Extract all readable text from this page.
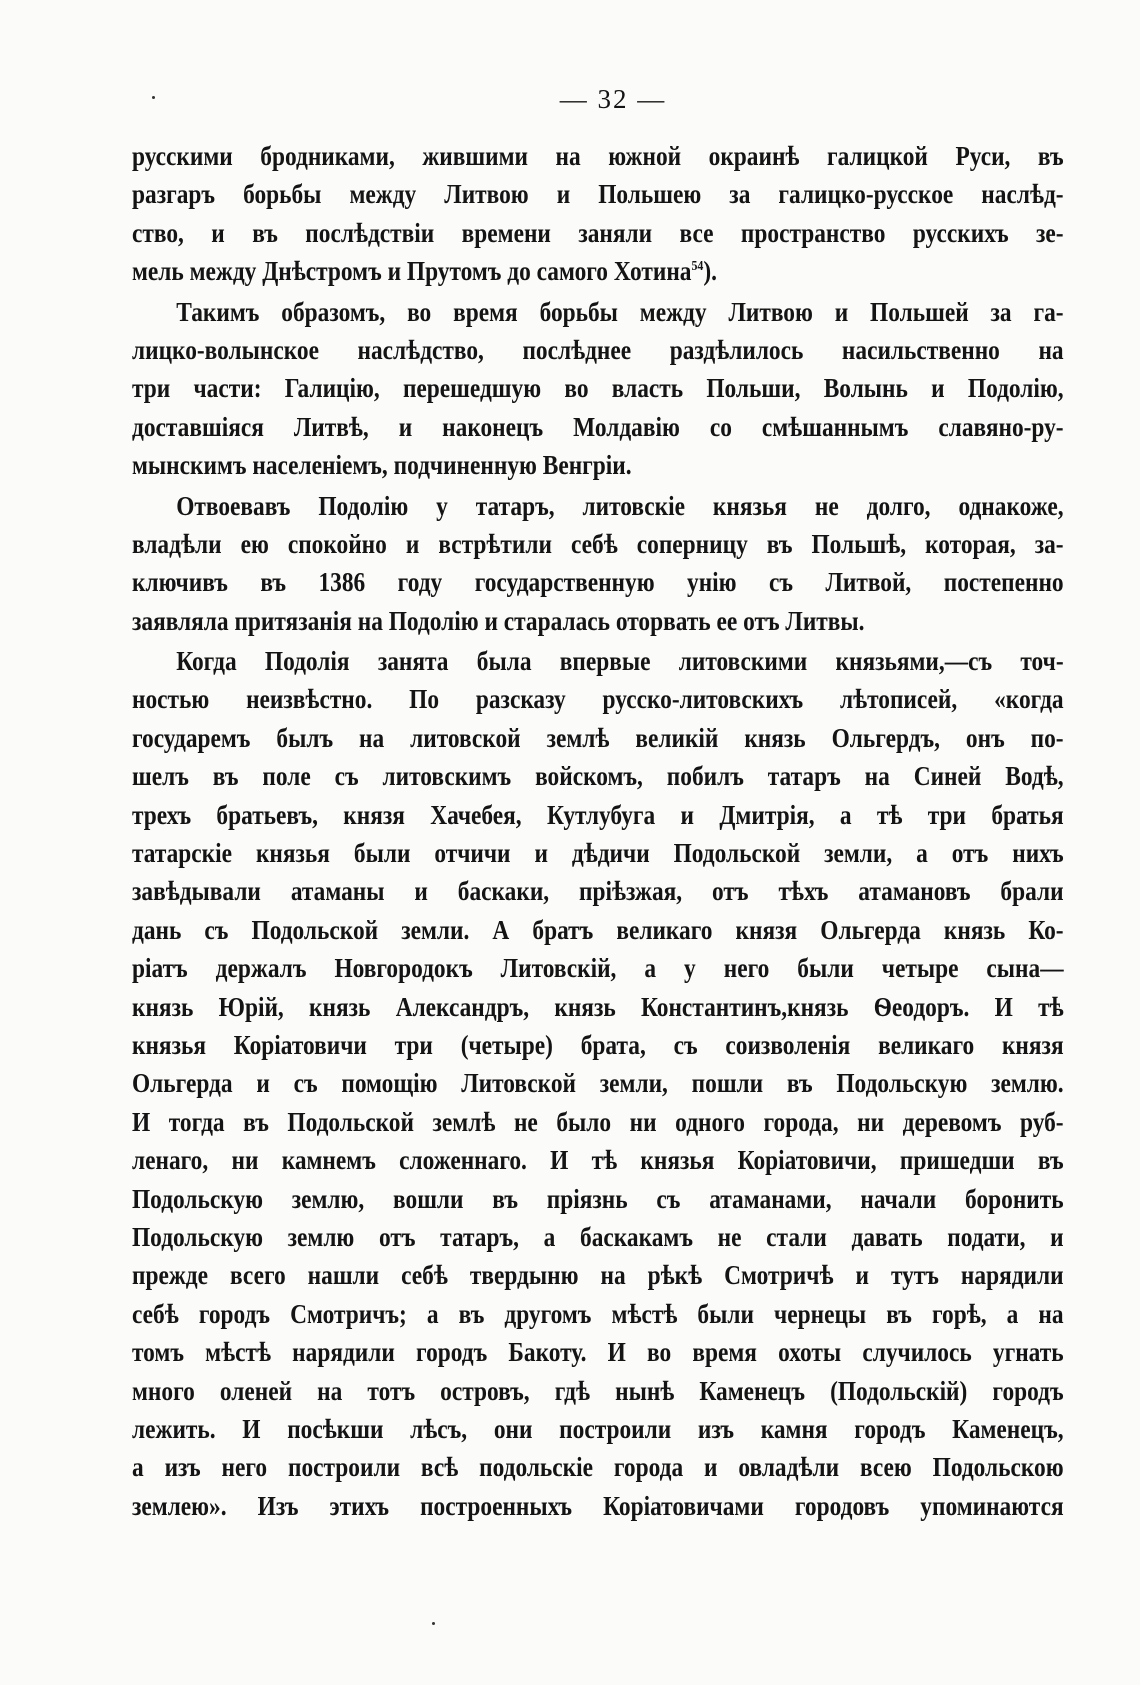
— 32 —
русскими бродниками, жившими на южной окраинѣ галицкой Руси, въ
разгаръ борьбы между Литвою и Польшею за галицко-русское наслѣд-
ство, и въ послѣдствіи времени заняли все пространство русскихъ зе-
мель между Днѣстромъ и Прутомъ до самого Хотина$^{54}$).
Такимъ образомъ, во время борьбы между Литвою и Польшей за га-
лицко-волынское наслѣдство, послѣднее раздѣлилось насильственно на
три части: Галицію, перешедшую во власть Польши, Волынь и Подолію,
доставшіяся Литвѣ, и наконецъ Молдавію со смѣшаннымъ славяно-ру-
мынскимъ населеніемъ, подчиненную Венгріи.
Отвоевавъ Подолію у татаръ, литовскіе князья не долго, однакоже,
владѣли ею спокойно и встрѣтили себѣ соперницу въ Польшѣ, которая, за-
ключивъ въ 1386 году государственную унію съ Литвой, постепенно
заявляла притязанія на Подолію и старалась оторвать ее отъ Литвы.
Когда Подолія занята была впервые литовскими князьями,—съ точ-
ностью неизвѣстно. По разсказу русско-литовскихъ лѣтописей, «когда
государемъ былъ на литовской землѣ великій князь Ольгердъ, онъ по-
шелъ въ поле съ литовскимъ войскомъ, побилъ татаръ на Синей Водѣ,
трехъ братьевъ, князя Хачебея, Кутлубуга и Дмитрія, а тѣ три братья
татарскіе князья были отчичи и дѣдичи Подольской земли, а отъ нихъ
завѣдывали атаманы и баскаки, пріѣзжая, отъ тѣхъ атамановъ брали
дань съ Подольской земли. А братъ великаго князя Ольгерда князь Ко-
ріатъ держалъ Новгородокъ Литовскій, а у него были четыре сына—
князь Юрій, князь Александръ, князь Константинъ,князь Ѳеодоръ. И тѣ
князья Коріатовичи три (четыре) брата, съ соизволенія великаго князя
Ольгерда и съ помощію Литовской земли, пошли въ Подольскую землю.
И тогда въ Подольской землѣ не было ни одного города, ни деревомъ руб-
ленаго, ни камнемъ сложеннаго. И тѣ князья Коріатовичи, пришедши въ
Подольскую землю, вошли въ пріязнь съ атаманами, начали боронить
Подольскую землю отъ татаръ, а баскакамъ не стали давать подати, и
прежде всего нашли себѣ твердыню на рѣкѣ Смотричѣ и тутъ нарядили
себѣ городъ Смотричъ; а въ другомъ мѣстѣ были чернецы въ горѣ, а на
томъ мѣстѣ нарядили городъ Бакоту. И во время охоты случилось угнать
много оленей на тотъ островъ, гдѣ нынѣ Каменецъ (Подольскій) городъ
лежить. И посѣкши лѣсъ, они построили изъ камня городъ Каменецъ,
а изъ него построили всѣ подольскіе города и овладѣли всею Подольскою
землею». Изъ этихъ построенныхъ Коріатовичами городовъ упоминаются
